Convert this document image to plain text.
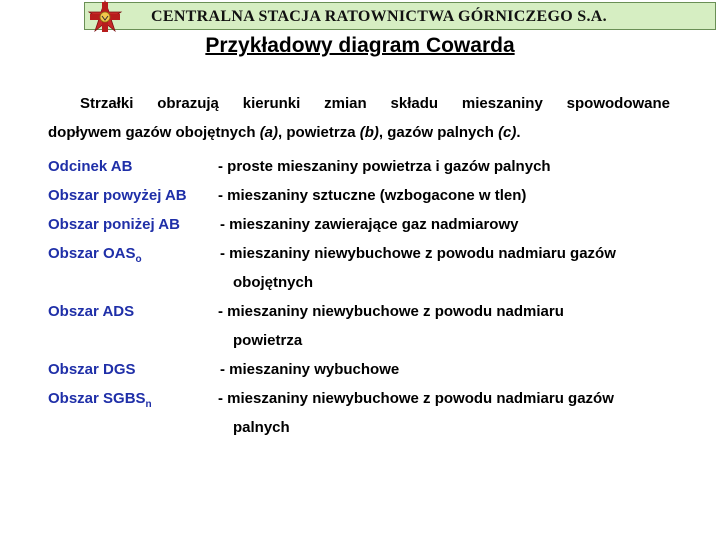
CENTRALNA STACJA RATOWNICTWA GÓRNICZEGO S.A.
Przykładowy diagram Cowarda
Strzałki obrazują kierunki zmian składu mieszaniny spowodowane
dopływem gazów obojętnych (a), powietrza (b), gazów palnych (c).
Odcinek AB	- proste mieszaniny powietrza i gazów palnych
Obszar powyżej AB - mieszaniny sztuczne (wzbogacone w tlen)
Obszar poniżej AB	- mieszaniny zawierające gaz nadmiarowy
Obszar $OAS_o$	- mieszaniny niewybuchowe z powodu nadmiaru gazów
obojętnych
Obszar ADS	- mieszaniny niewybuchowe z powodu nadmiaru
powietrza
Obszar DGS	- mieszaniny wybuchowe
Obszar $SGBS_n$	- mieszaniny niewybuchowe z powodu nadmiaru gazów
palnych
